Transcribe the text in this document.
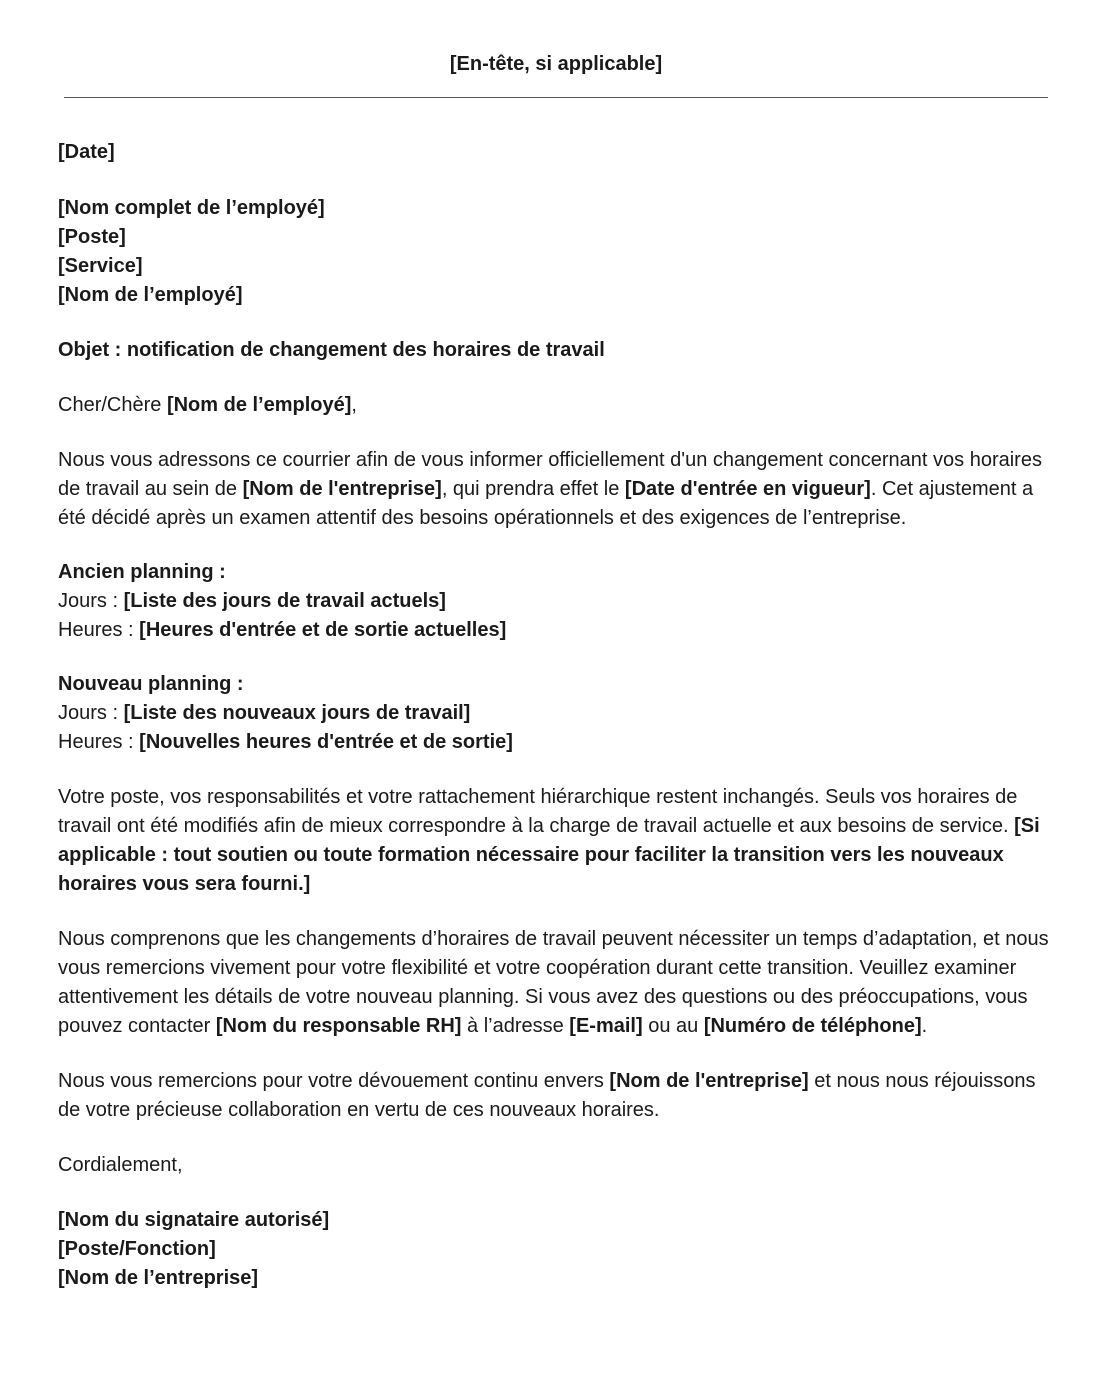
[En-tête, si applicable]
[Date]
[Nom complet de l’employé]
[Poste]
[Service]
[Nom de l’employé]
Objet : notification de changement des horaires de travail
Cher/Chère [Nom de l’employé],
Nous vous adressons ce courrier afin de vous informer officiellement d'un changement concernant vos horaires de travail au sein de [Nom de l'entreprise], qui prendra effet le [Date d'entrée en vigueur]. Cet ajustement a été décidé après un examen attentif des besoins opérationnels et des exigences de l’entreprise.
Ancien planning :
Jours : [Liste des jours de travail actuels]
Heures : [Heures d'entrée et de sortie actuelles]
Nouveau planning :
Jours : [Liste des nouveaux jours de travail]
Heures : [Nouvelles heures d'entrée et de sortie]
Votre poste, vos responsabilités et votre rattachement hiérarchique restent inchangés. Seuls vos horaires de travail ont été modifiés afin de mieux correspondre à la charge de travail actuelle et aux besoins de service. [Si applicable : tout soutien ou toute formation nécessaire pour faciliter la transition vers les nouveaux horaires vous sera fourni.]
Nous comprenons que les changements d’horaires de travail peuvent nécessiter un temps d’adaptation, et nous vous remercions vivement pour votre flexibilité et votre coopération durant cette transition. Veuillez examiner attentivement les détails de votre nouveau planning. Si vous avez des questions ou des préoccupations, vous pouvez contacter [Nom du responsable RH] à l’adresse [E-mail] ou au [Numéro de téléphone].
Nous vous remercions pour votre dévouement continu envers [Nom de l'entreprise] et nous nous réjouissons de votre précieuse collaboration en vertu de ces nouveaux horaires.
Cordialement,
[Nom du signataire autorisé]
[Poste/Fonction]
[Nom de l’entreprise]
